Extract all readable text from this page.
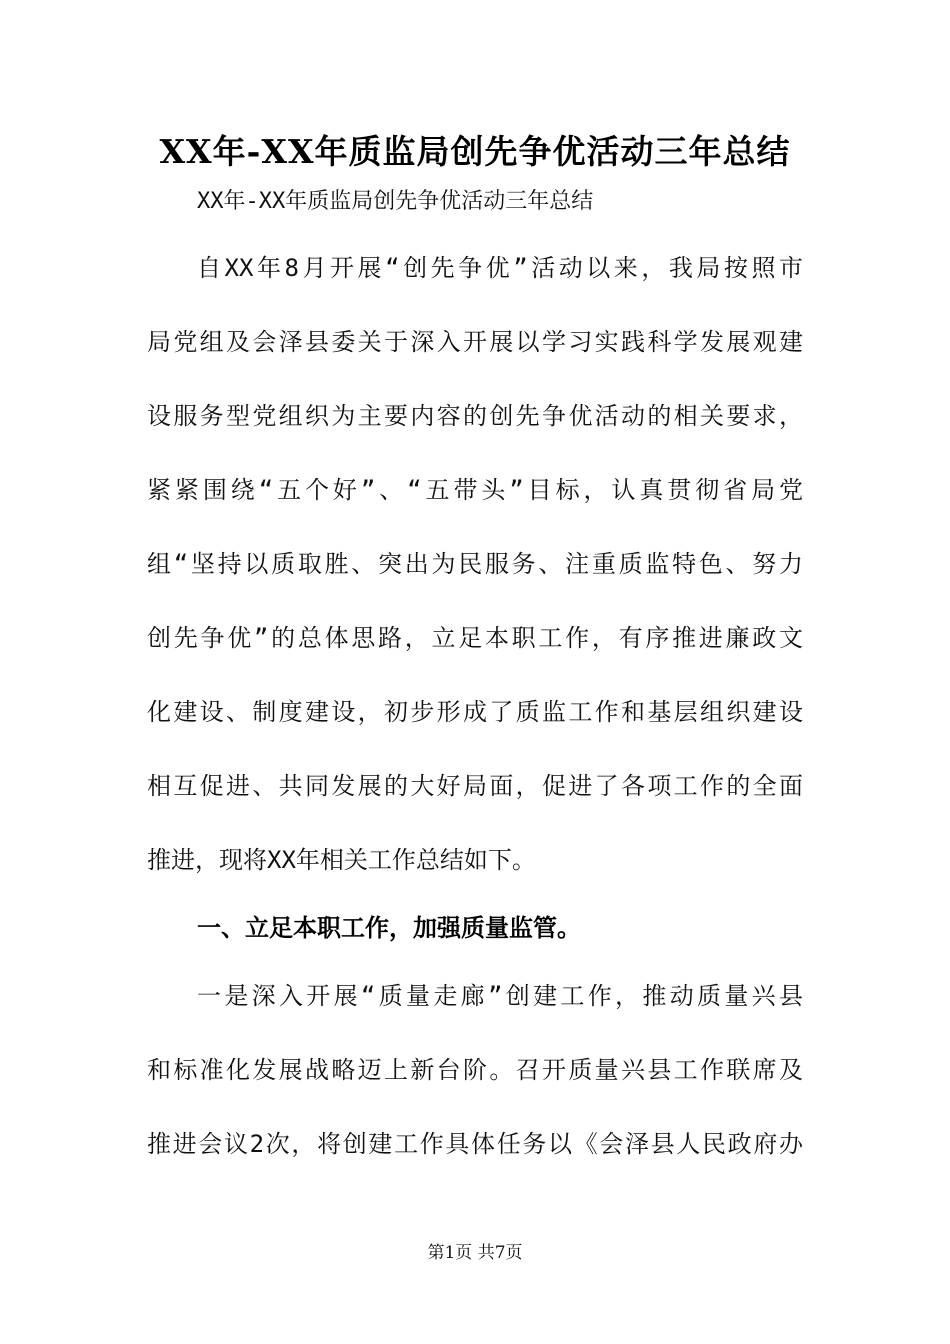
XX年-XX年质监局创先争优活动三年总结
XX年-XX年质监局创先争优活动三年总结
自XX年8月开展“创先争优”活动以来，我局按照市
局党组及会泽县委关于深入开展以学习实践科学发展观建
设服务型党组织为主要内容的创先争优活动的相关要求，
紧紧围绕“五个好”、“五带头”目标，认真贯彻省局党
组“坚持以质取胜、突出为民服务、注重质监特色、努力
创先争优”的总体思路，立足本职工作，有序推进廉政文
化建设、制度建设，初步形成了质监工作和基层组织建设
相互促进、共同发展的大好局面，促进了各项工作的全面
推进，现将XX年相关工作总结如下。
一、立足本职工作，加强质量监管。
一是深入开展“质量走廊”创建工作，推动质量兴县
和标准化发展战略迈上新台阶。召开质量兴县工作联席及
推进会议2次，将创建工作具体任务以《会泽县人民政府办
第1页 共7页
